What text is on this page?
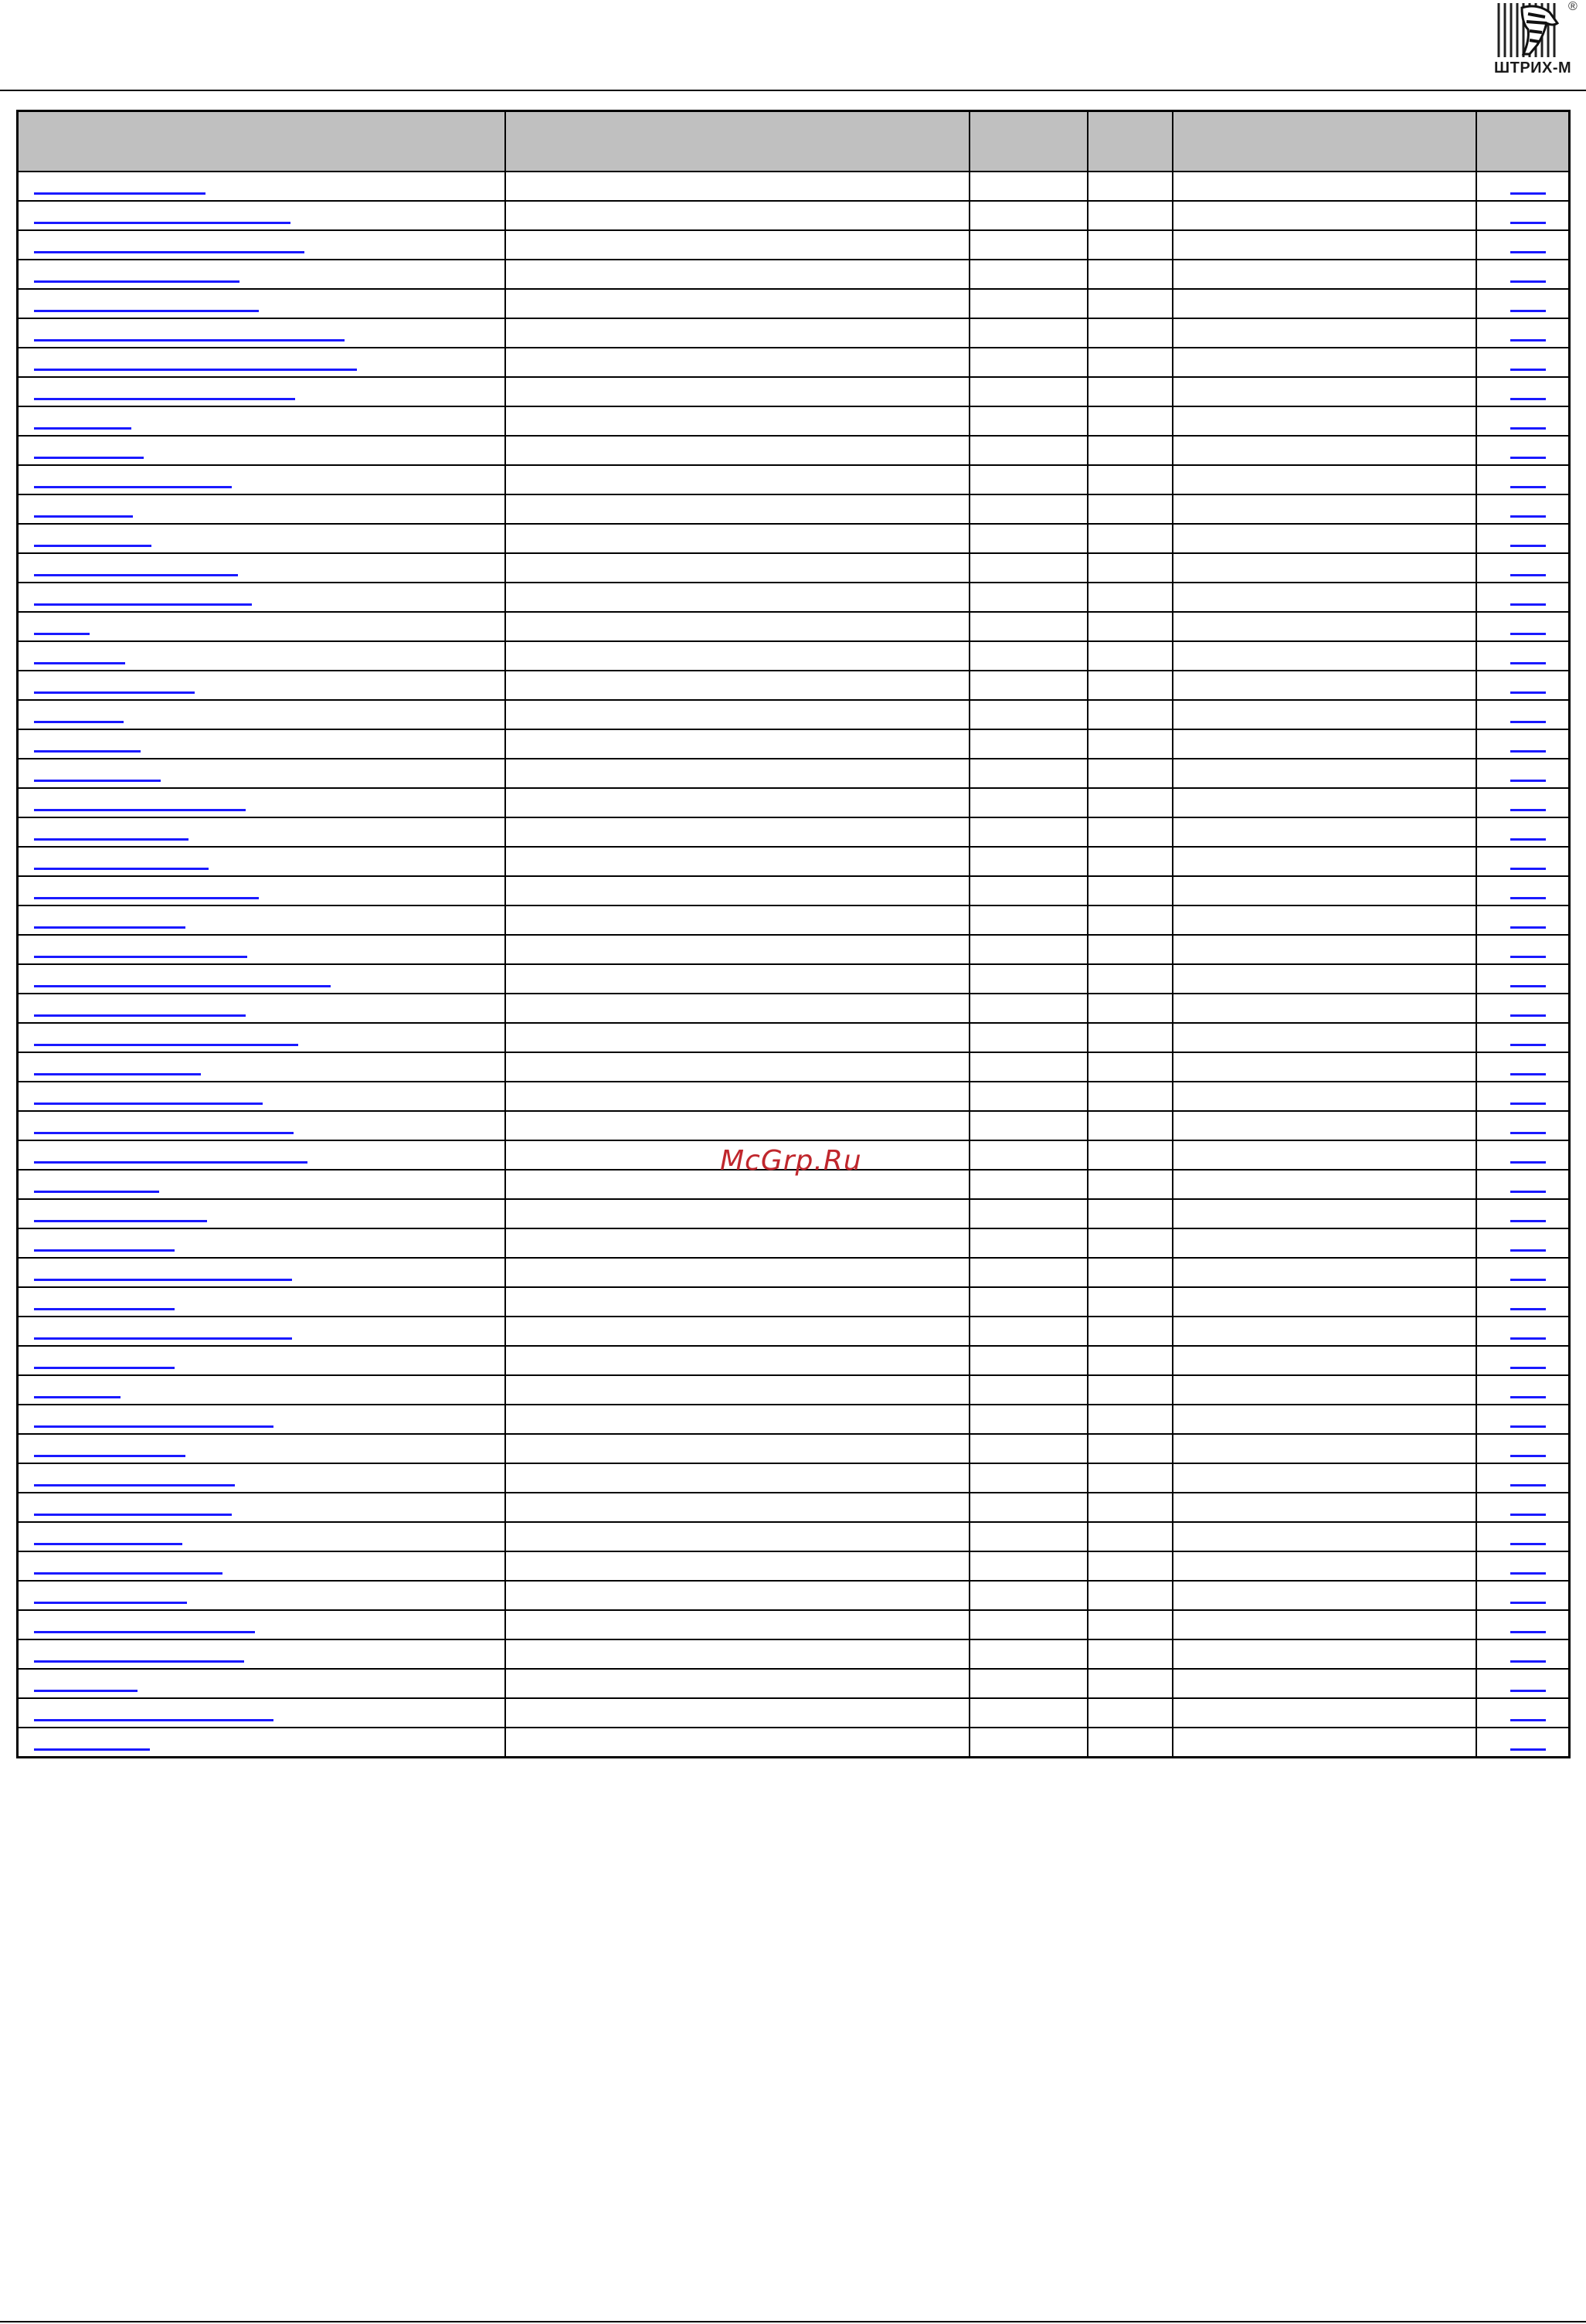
®
ШТРИХ-М

McGrp.Ru
